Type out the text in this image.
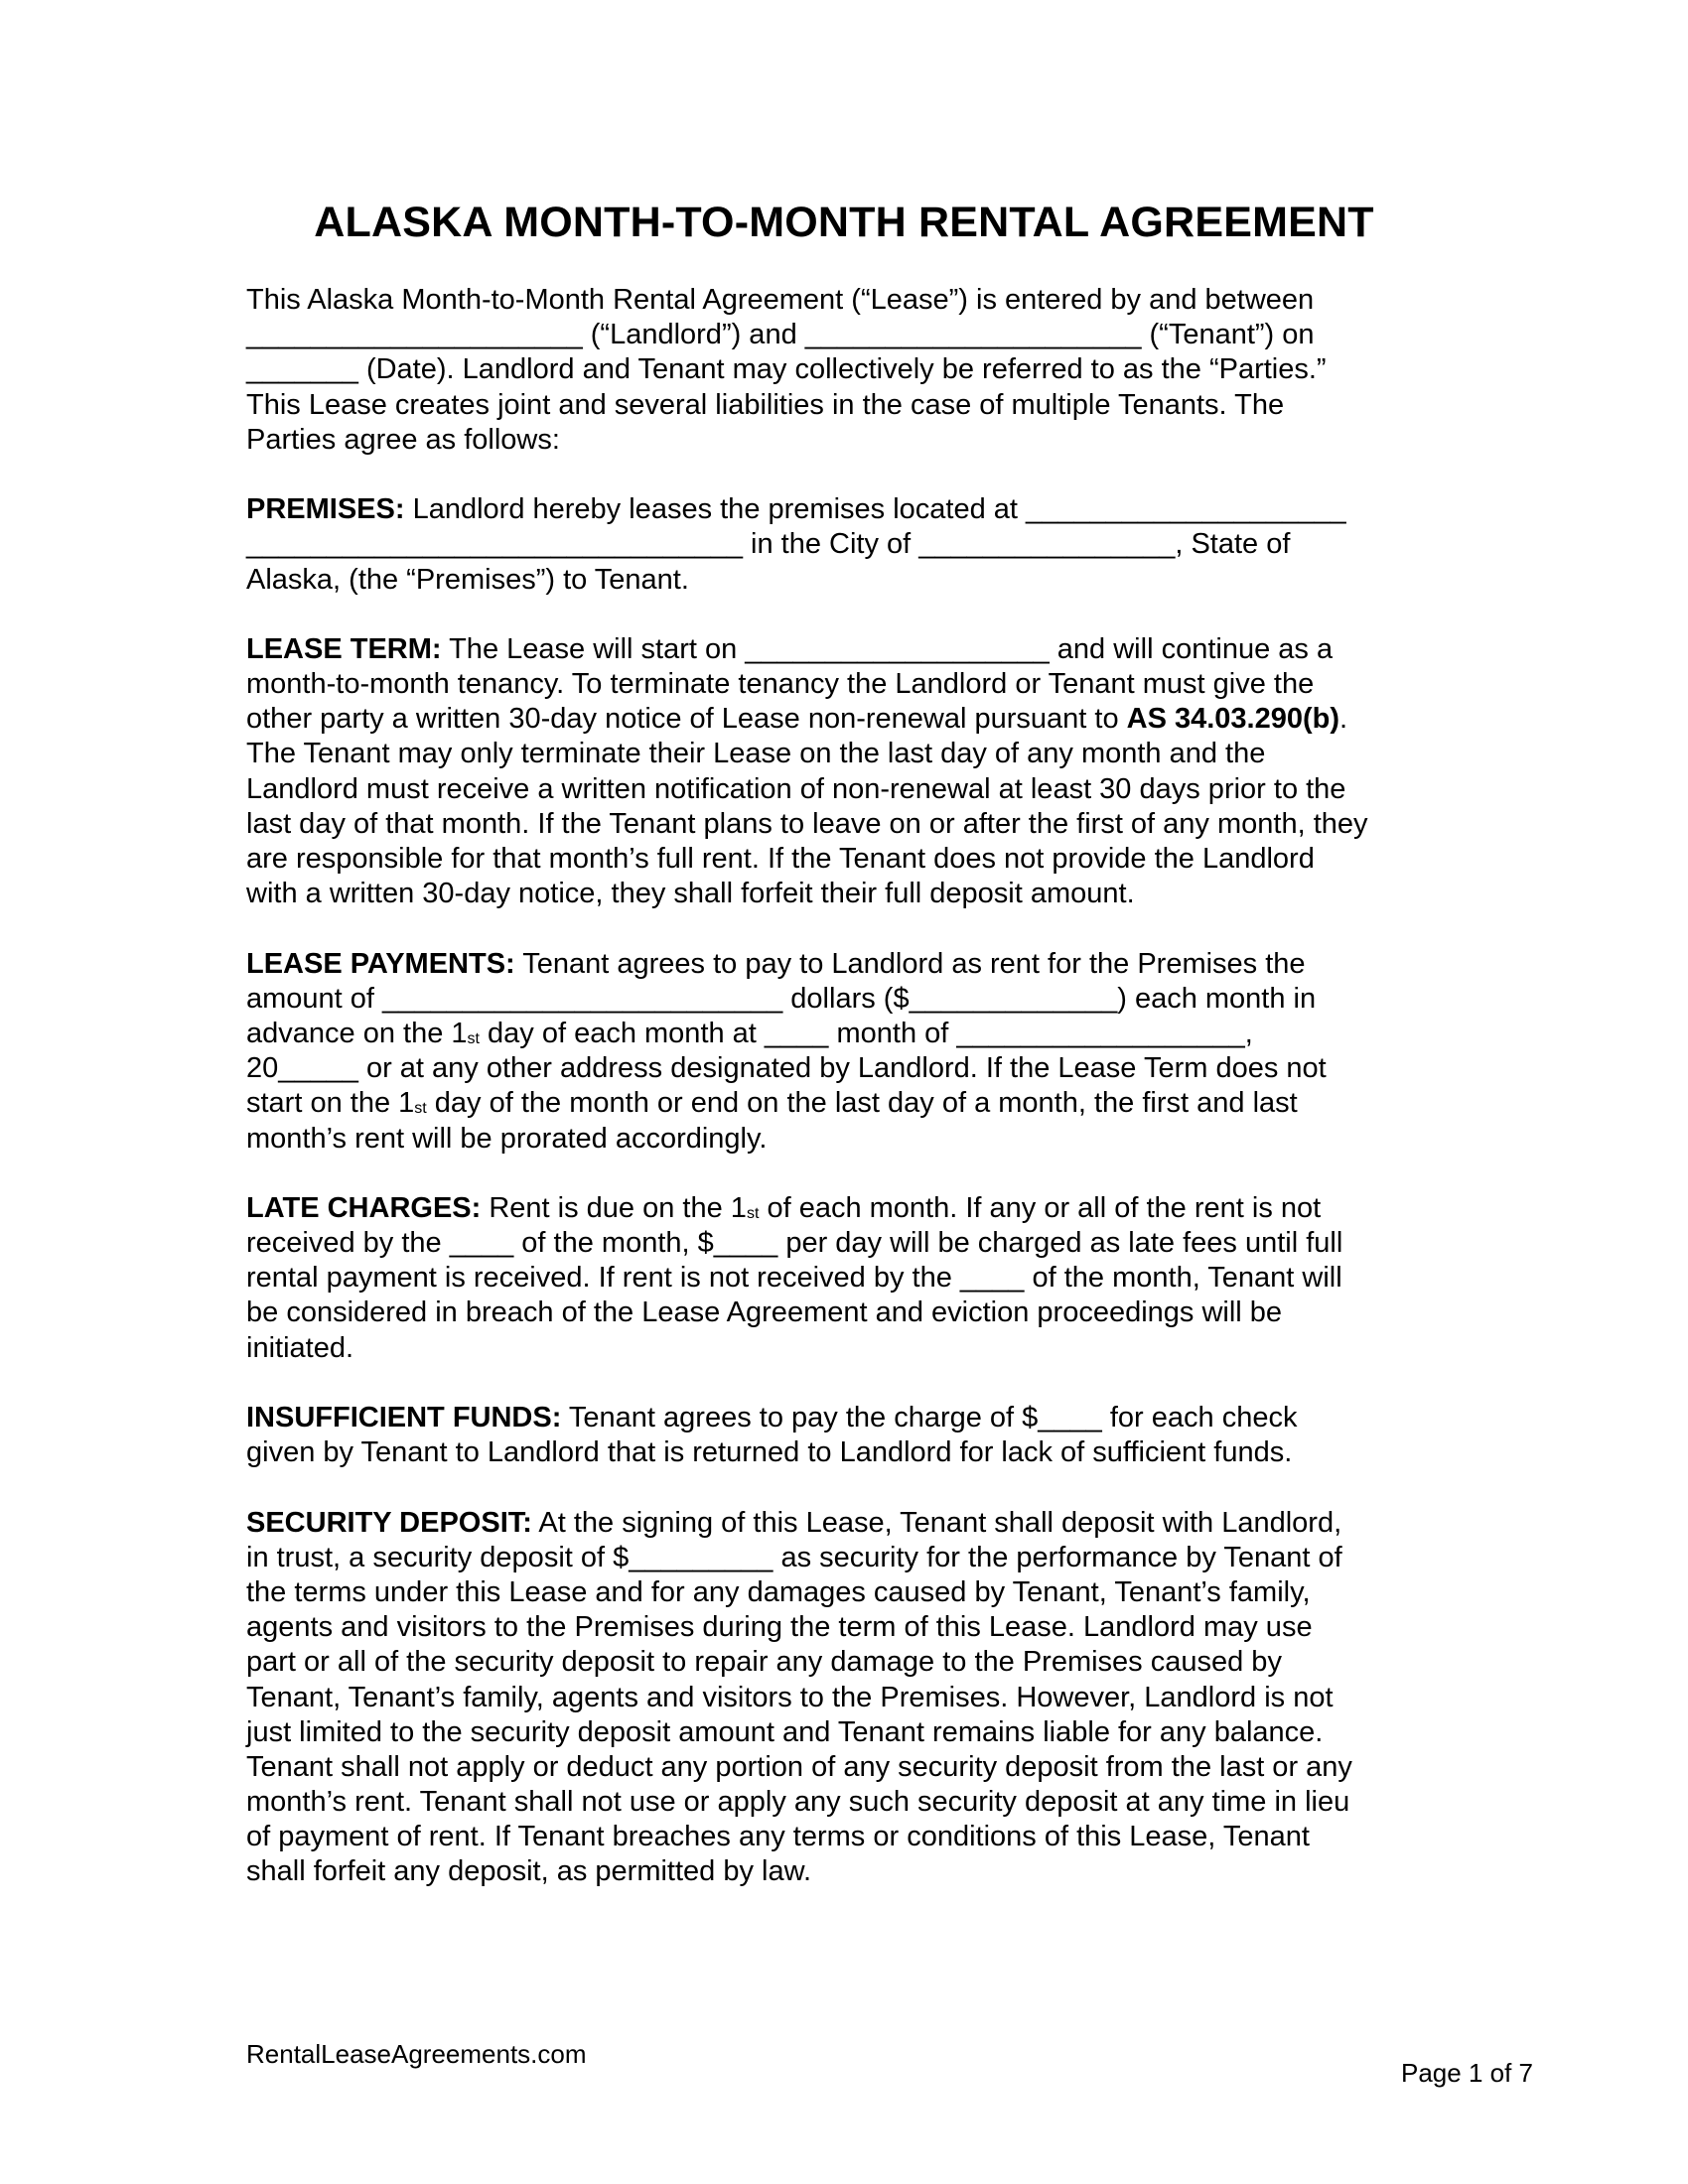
ALASKA MONTH-TO-MONTH RENTAL AGREEMENT
This Alaska Month-to-Month Rental Agreement (“Lease”) is entered by and between
_____________________ (“Landlord”) and _____________________ (“Tenant”) on
_______ (Date). Landlord and Tenant may collectively be referred to as the “Parties.”
This Lease creates joint and several liabilities in the case of multiple Tenants. The
Parties agree as follows:
PREMISES: Landlord hereby leases the premises located at ____________________
_______________________________ in the City of ________________, State of
Alaska, (the “Premises”) to Tenant.
LEASE TERM: The Lease will start on ___________________ and will continue as a
month-to-month tenancy. To terminate tenancy the Landlord or Tenant must give the
other party a written 30-day notice of Lease non-renewal pursuant to AS 34.03.290(b).
The Tenant may only terminate their Lease on the last day of any month and the
Landlord must receive a written notification of non-renewal at least 30 days prior to the
last day of that month. If the Tenant plans to leave on or after the first of any month, they
are responsible for that month’s full rent. If the Tenant does not provide the Landlord
with a written 30-day notice, they shall forfeit their full deposit amount.
LEASE PAYMENTS: Tenant agrees to pay to Landlord as rent for the Premises the
amount of _________________________ dollars ($_____________) each month in
advance on the $1_{st}$ day of each month at ____ month of __________________,
20_____ or at any other address designated by Landlord. If the Lease Term does not
start on the $1_{st}$ day of the month or end on the last day of a month, the first and last
month’s rent will be prorated accordingly.
LATE CHARGES: Rent is due on the $1_{st}$ of each month. If any or all of the rent is not
received by the ____ of the month, $____ per day will be charged as late fees until full
rental payment is received. If rent is not received by the ____ of the month, Tenant will
be considered in breach of the Lease Agreement and eviction proceedings will be
initiated.
INSUFFICIENT FUNDS: Tenant agrees to pay the charge of $____ for each check
given by Tenant to Landlord that is returned to Landlord for lack of sufficient funds.
SECURITY DEPOSIT: At the signing of this Lease, Tenant shall deposit with Landlord,
in trust, a security deposit of $_________ as security for the performance by Tenant of
the terms under this Lease and for any damages caused by Tenant, Tenant’s family,
agents and visitors to the Premises during the term of this Lease. Landlord may use
part or all of the security deposit to repair any damage to the Premises caused by
Tenant, Tenant’s family, agents and visitors to the Premises. However, Landlord is not
just limited to the security deposit amount and Tenant remains liable for any balance.
Tenant shall not apply or deduct any portion of any security deposit from the last or any
month’s rent. Tenant shall not use or apply any such security deposit at any time in lieu
of payment of rent. If Tenant breaches any terms or conditions of this Lease, Tenant
shall forfeit any deposit, as permitted by law.
RentalLeaseAgreements.com
Page 1 of 7
